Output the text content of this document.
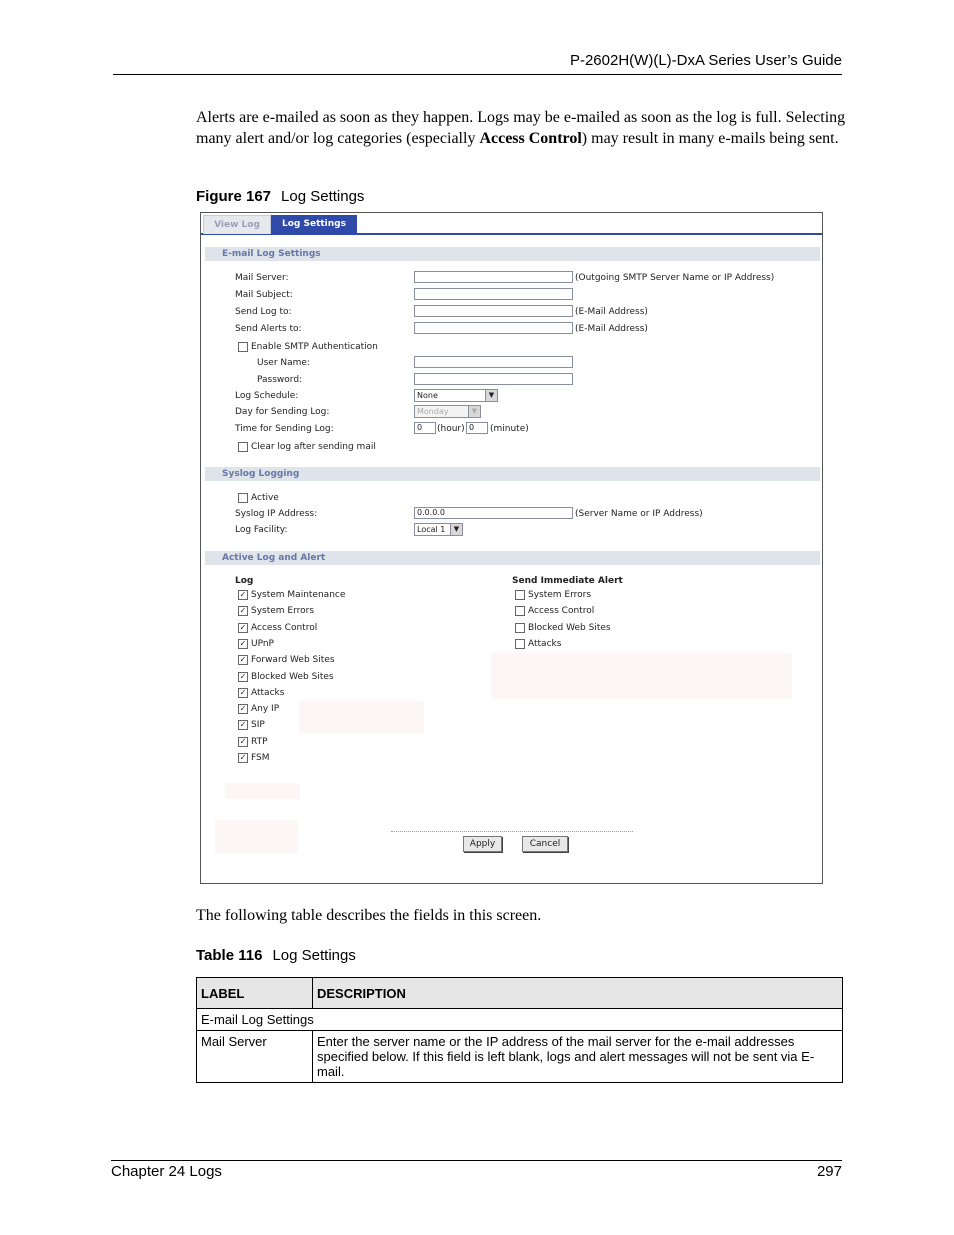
P-2602H(W)(L)-DxA Series User’s Guide
Alerts are e-mailed as soon as they happen. Logs may be e-mailed as soon as the log is full. Selecting many alert and/or log categories (especially Access Control) may result in many e-mails being sent.
Figure 167 Log Settings
View Log	Log Settings
E-mail Log Settings
Mail Server:	(Outgoing SMTP Server Name or IP Address)
Mail Subject:
Send Log to:	(E-Mail Address)
Send Alerts to:	(E-Mail Address)
Enable SMTP Authentication
User Name:
Password:
Log Schedule:	None	▼
Day for Sending Log:	Monday	▼
Time for Sending Log:	0	(hour) 0	(minute)
Clear log after sending mail
Syslog Logging
Active
Syslog IP Address:	0.0.0.0	(Server Name or IP Address)
Log Facility:	Local 1	▼
Active Log and Alert
Log	Send Immediate Alert
✓ System Maintenance
✓ System Errors
✓ Access Control
✓ UPnP
✓ Forward Web Sites
✓ Blocked Web Sites
✓ Attacks
✓ Any IP
✓ SIP
✓ RTP
✓ FSM
System Errors
Access Control
Blocked Web Sites
Attacks
Apply	Cancel
The following table describes the fields in this screen.
Table 116 Log Settings
LABEL	DESCRIPTION
E-mail Log Settings	
Mail Server	Enter the server name or the IP address of the mail server for the e-mail addresses specified below. If this field is left blank, logs and alert messages will not be sent via E-mail.
Chapter 24 Logs	297
